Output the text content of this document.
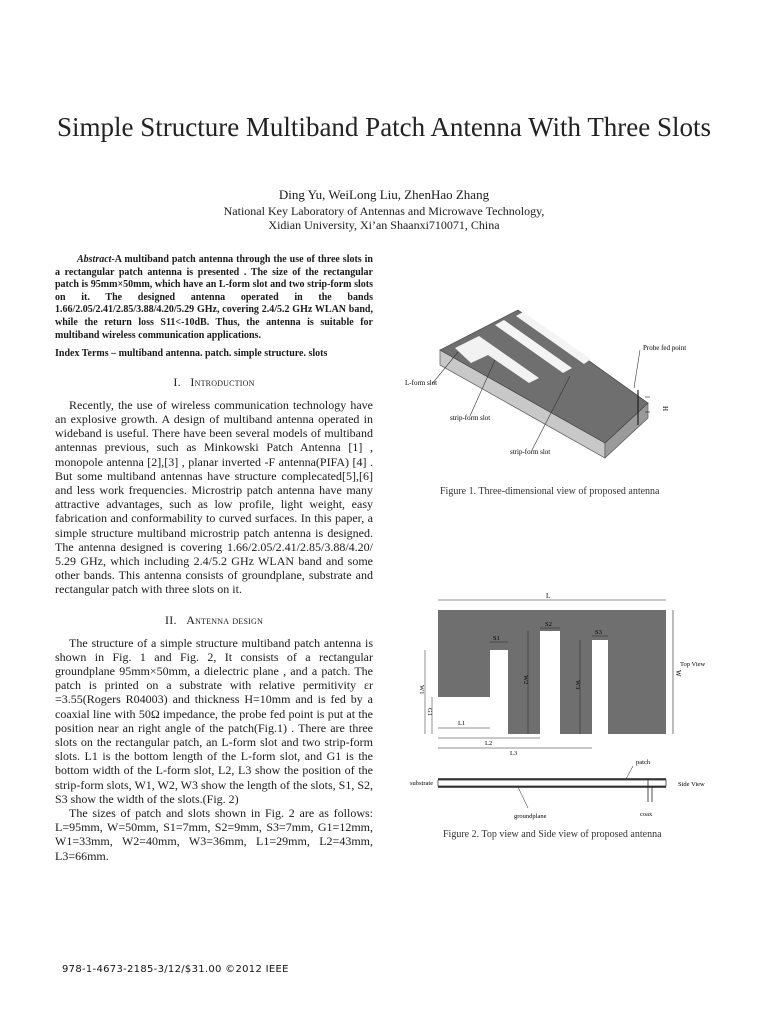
Simple Structure Multiband Patch Antenna With Three Slots
Ding Yu, WeiLong Liu, ZhenHao Zhang
National Key Laboratory of Antennas and Microwave Technology,
Xidian University, Xi’an Shaanxi710071, China

Abstract-A multiband patch antenna through the use of three slots in a rectangular patch antenna is presented . The size of the rectangular patch is 95mm×50mm, which have an L-form slot and two strip-form slots on it. The designed antenna operated in the bands 1.66/2.05/2.41/2.85/3.88/4.20/5.29 GHz, covering 2.4/5.2 GHz WLAN band, while the return loss S11<-10dB. Thus, the antenna is suitable for multiband wireless communication applications.

Index Terms – multiband antenna. patch. simple structure. slots

I. Introduction

Recently, the use of wireless communication technology have an explosive growth. A design of multiband antenna operated in wideband is useful. There have been several models of multiband antennas previous, such as Minkowski Patch Antenna [1] , monopole antenna [2],[3] , planar inverted -F antenna(PIFA) [4] . But some multiband antennas have structure complecated[5],[6] and less work frequencies. Microstrip patch antenna have many attractive advantages, such as low profile, light weight, easy fabrication and conformability to curved surfaces. In this paper, a simple structure multiband microstrip patch antenna is designed. The antenna designed is covering 1.66/2.05/2.41/2.85/3.88/4.20/ 5.29 GHz, which including 2.4/5.2 GHz WLAN band and some other bands. This antenna consists of groundplane, substrate and rectangular patch with three slots on it.

II. Antenna design

The structure of a simple structure multiband patch antenna is shown in Fig. 1 and Fig. 2, It consists of a rectangular groundplane 95mm×50mm, a dielectric plane , and a patch. The patch is printed on a substrate with relative permitivity εr =3.55(Rogers R04003) and thickness H=10mm and is fed by a coaxial line with 50Ω impedance, the probe fed point is put at the position near an right angle of the patch(Fig.1) . There are three slots on the rectangular patch, an L-form slot and two strip-form slots. L1 is the bottom length of the L-form slot, and G1 is the bottom width of the L-form slot, L2, L3 show the position of the strip-form slots, W1, W2, W3 show the length of the slots, S1, S2, S3 show the width of the slots.(Fig. 2)

The sizes of patch and slots shown in Fig. 2 are as follows: L=95mm, W=50mm, S1=7mm, S2=9mm, S3=7mm, G1=12mm, W1=33mm, W2=40mm, W3=36mm, L1=29mm, L2=43mm, L3=66mm.

Probe fed point
L-form slot
strip-form slot
strip-form slot
H
Figure 1. Three-dimensional view of proposed antenna
L
W
Top View
S1
S2
S3
W1
W2
W3
G1
L1
L2
L3
patch
substrate	Side View
groundplane	coax
Figure 2. Top view and Side view of proposed antenna
978-1-4673-2185-3/12/$31.00 ©2012 IEEE
